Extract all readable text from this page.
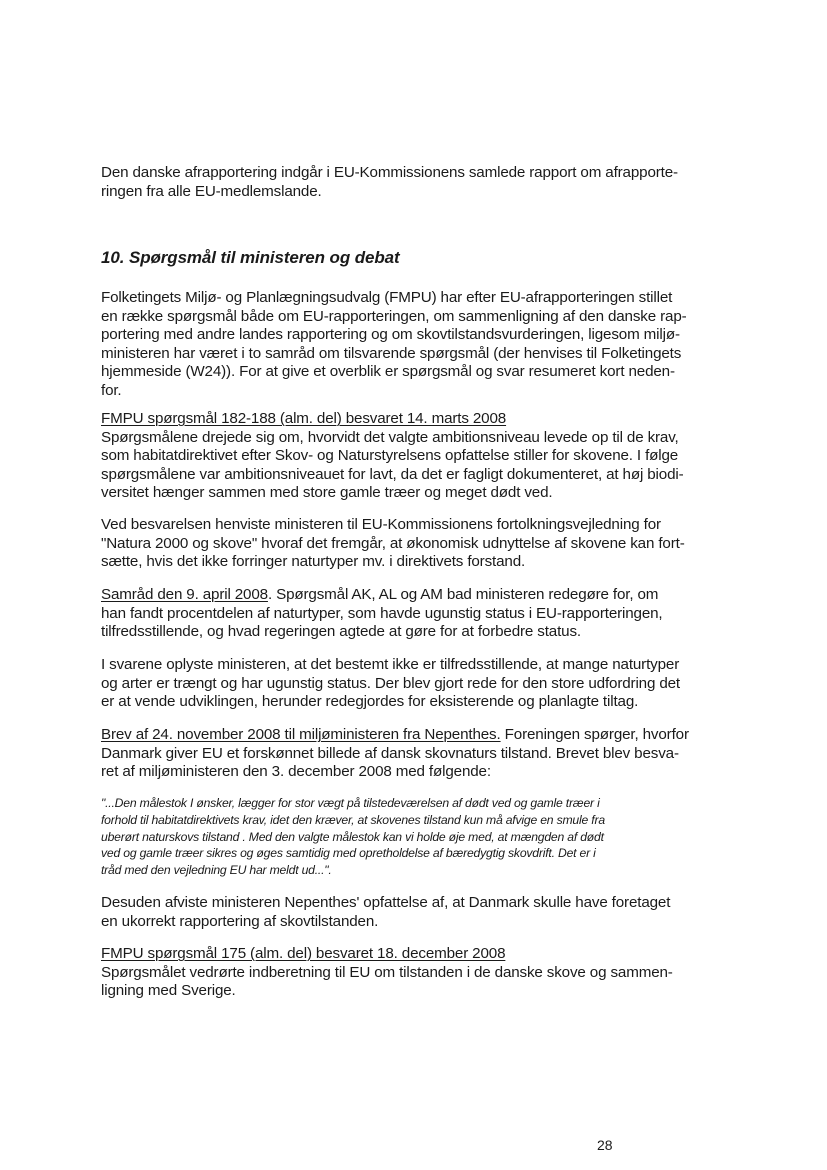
Den danske afrapportering indgår i EU-Kommissionens samlede rapport om afrapporte-
ringen fra alle EU-medlemslande.

10. Spørgsmål til ministeren og debat

Folketingets Miljø- og Planlægningsudvalg (FMPU) har efter EU-afrapporteringen stillet
en række spørgsmål både om EU-rapporteringen, om sammenligning af den danske rap-
portering med andre landes rapportering og om skovtilstandsvurderingen, ligesom miljø-
ministeren har været i to samråd om tilsvarende spørgsmål (der henvises til Folketingets
hjemmeside (W24)). For at give et overblik er spørgsmål og svar resumeret kort neden-
for.

FMPU spørgsmål 182-188 (alm. del) besvaret 14. marts 2008
Spørgsmålene drejede sig om, hvorvidt det valgte ambitionsniveau levede op til de krav,
som habitatdirektivet efter Skov- og Naturstyrelsens opfattelse stiller for skovene. I følge
spørgsmålene var ambitionsniveauet for lavt, da det er fagligt dokumenteret, at høj biodi-
versitet hænger sammen med store gamle træer og meget dødt ved.

Ved besvarelsen henviste ministeren til EU-Kommissionens fortolkningsvejledning for
"Natura 2000 og skove" hvoraf det fremgår, at økonomisk udnyttelse af skovene kan fort-
sætte, hvis det ikke forringer naturtyper mv. i direktivets forstand.

Samråd den 9. april 2008. Spørgsmål AK, AL og AM bad ministeren redegøre for, om
han fandt procentdelen af naturtyper, som havde ugunstig status i EU-rapporteringen,
tilfredsstillende, og hvad regeringen agtede at gøre for at forbedre status.

I svarene oplyste ministeren, at det bestemt ikke er tilfredsstillende, at mange naturtyper
og arter er trængt og har ugunstig status. Der blev gjort rede for den store udfordring det
er at vende udviklingen, herunder redegjordes for eksisterende og planlagte tiltag.

Brev af 24. november 2008 til miljøministeren fra Nepenthes. Foreningen spørger, hvorfor
Danmark giver EU et forskønnet billede af dansk skovnaturs tilstand. Brevet blev besva-
ret af miljøministeren den 3. december 2008 med følgende:

"...Den målestok I ønsker, lægger for stor vægt på tilstedeværelsen af dødt ved og gamle træer i
forhold til habitatdirektivets krav, idet den kræver, at skovenes tilstand kun må afvige en smule fra
uberørt naturskovs tilstand . Med den valgte målestok kan vi holde øje med, at mængden af dødt
ved og gamle træer sikres og øges samtidig med opretholdelse af bæredygtig skovdrift. Det er i
tråd med den vejledning EU har meldt ud...".

Desuden afviste ministeren Nepenthes' opfattelse af, at Danmark skulle have foretaget
en ukorrekt rapportering af skovtilstanden.

FMPU spørgsmål 175 (alm. del) besvaret 18. december 2008
Spørgsmålet vedrørte indberetning til EU om tilstanden i de danske skove og sammen-
ligning med Sverige.

28
